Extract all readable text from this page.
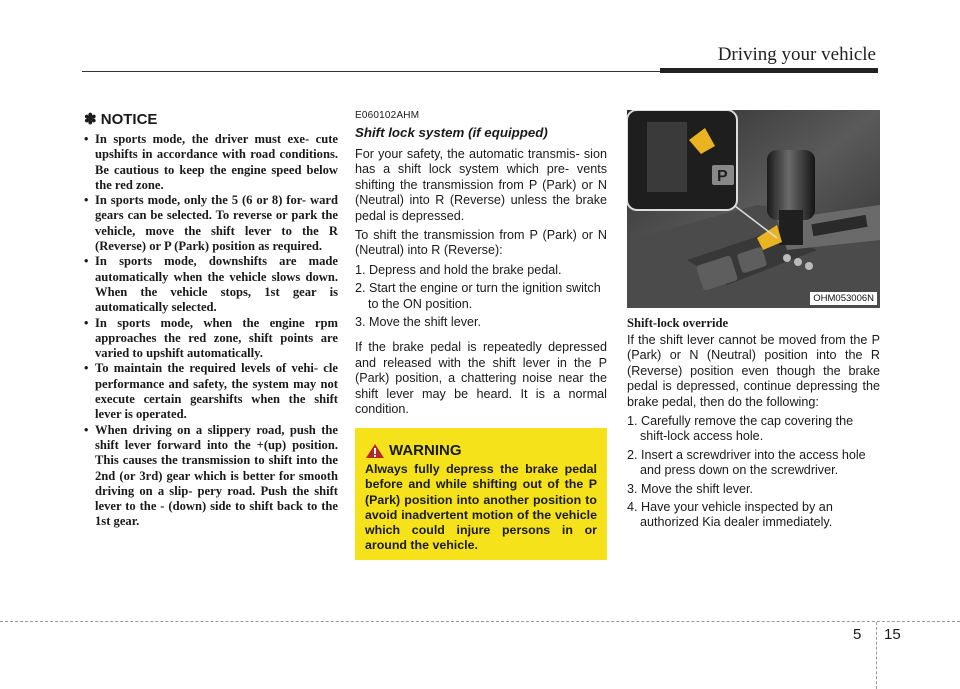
Driving your vehicle
✽ NOTICE
• In sports mode, the driver must exe- cute upshifts in accordance with road conditions. Be cautious to keep the engine speed below the red zone.
• In sports mode, only the 5 (6 or 8) for- ward gears can be selected. To reverse or park the vehicle, move the shift lever to the R (Reverse) or P (Park) position as required.
• In sports mode, downshifts are made automatically when the vehicle slows down. When the vehicle stops, 1st gear is automatically selected.
• In sports mode, when the engine rpm approaches the red zone, shift points are varied to upshift automatically.
• To maintain the required levels of vehi- cle performance and safety, the system may not execute certain gearshifts when the shift lever is operated.
• When driving on a slippery road, push the shift lever forward into the +(up) position. This causes the transmission to shift into the 2nd (or 3rd) gear which is better for smooth driving on a slip- pery road. Push the shift lever to the - (down) side to shift back to the 1st gear.
E060102AHM
Shift lock system (if equipped)

For your safety, the automatic transmis- sion has a shift lock system which pre- vents shifting the transmission from P (Park) or N (Neutral) into R (Reverse) unless the brake pedal is depressed.

To shift the transmission from P (Park) or N (Neutral) into R (Reverse):

1. Depress and hold the brake pedal.
2. Start the engine or turn the ignition switch to the ON position.
3. Move the shift lever.

If the brake pedal is repeatedly depressed and released with the shift lever in the P (Park) position, a chattering noise near the shift lever may be heard. It is a normal condition.

WARNING
Always fully depress the brake pedal before and while shifting out of the P (Park) position into another position to avoid inadvertent motion of the vehicle which could injure persons in or around the vehicle.
P
OHM053006N
Shift-lock override

If the shift lever cannot be moved from the P (Park) or N (Neutral) position into the R (Reverse) position even though the brake pedal is depressed, continue depressing the brake pedal, then do the following:

1. Carefully remove the cap covering the shift-lock access hole.
2. Insert a screwdriver into the access hole and press down on the screwdriver.
3. Move the shift lever.
4. Have your vehicle inspected by an authorized Kia dealer immediately.
5 15
